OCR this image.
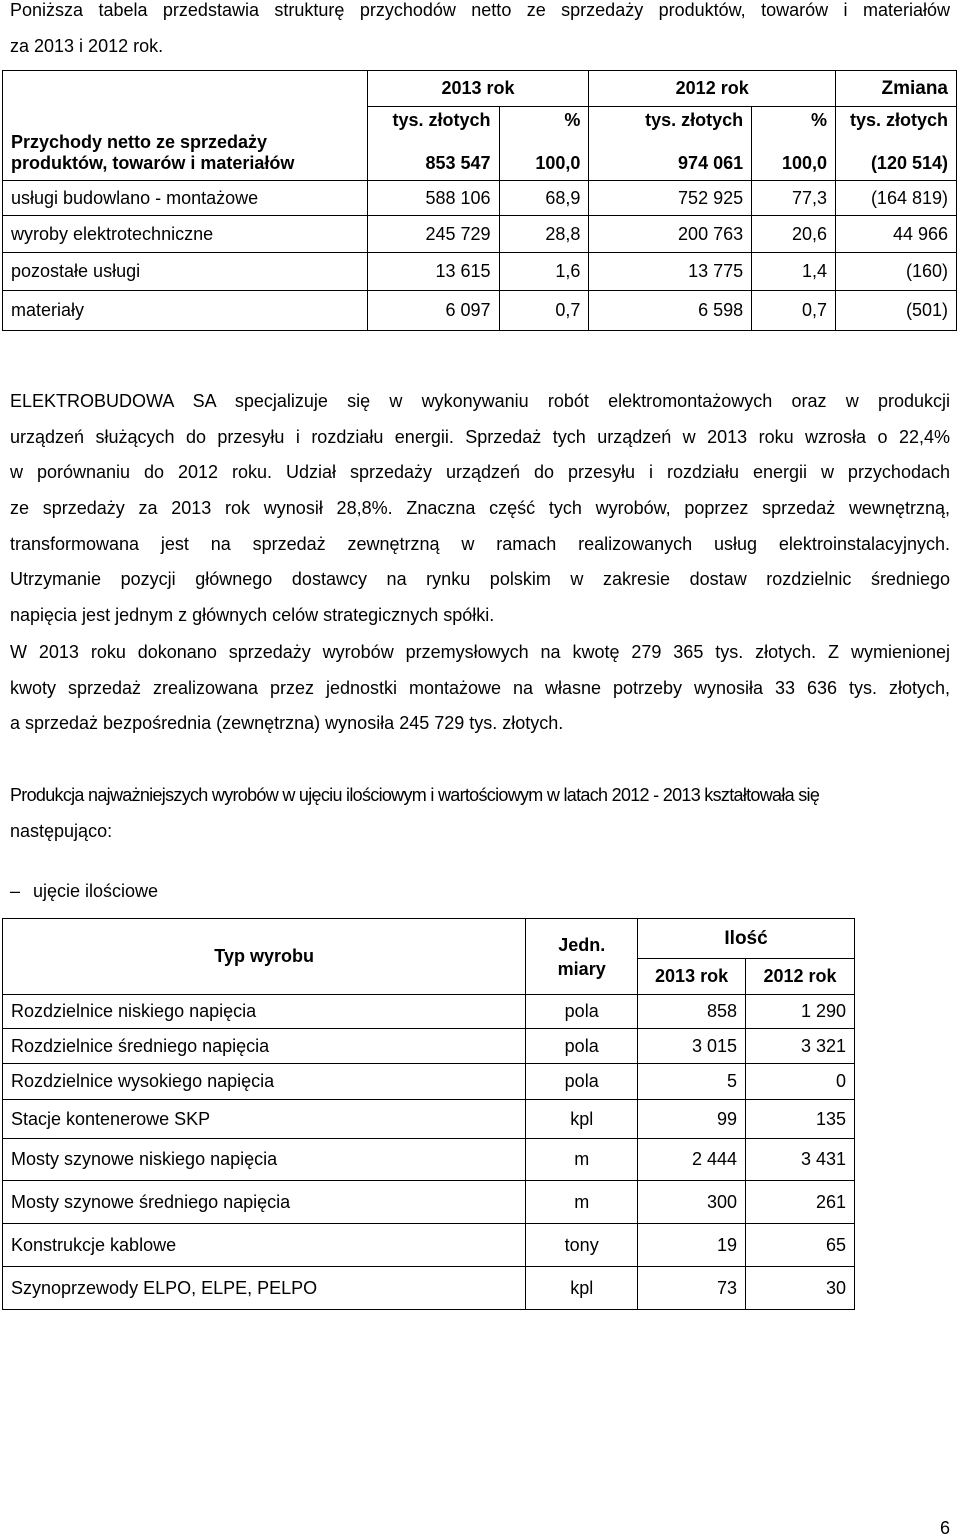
Poniższa tabela przedstawia strukturę przychodów netto ze sprzedaży produktów, towarów i materiałów
za 2013 i 2012 rok.
Przychody netto ze sprzedaży
produktów, towarów i materiałów	2013 rok		2012 rok		Zmiana
	tys. złotych	%	tys. złotych	%	tys. złotych
	853 547	100,0	974 061	100,0	(120 514)
usługi budowlano - montażowe	588 106	68,9	752 925	77,3	(164 819)
wyroby elektrotechniczne	245 729	28,8	200 763	20,6	44 966
pozostałe usługi	13 615	1,6	13 775	1,4	(160)
materiały	6 097	0,7	6 598	0,7	(501)
ELEKTROBUDOWA SA specjalizuje się w wykonywaniu robót elektromontażowych oraz w produkcji
urządzeń służących do przesyłu i rozdziału energii. Sprzedaż tych urządzeń w 2013 roku wzrosła o 22,4%
w porównaniu do 2012 roku. Udział sprzedaży urządzeń do przesyłu i rozdziału energii w przychodach
ze sprzedaży za 2013 rok wynosił 28,8%. Znaczna część tych wyrobów, poprzez sprzedaż wewnętrzną,
transformowana jest na sprzedaż zewnętrzną w ramach realizowanych usług elektroinstalacyjnych.
Utrzymanie pozycji głównego dostawcy na rynku polskim w zakresie dostaw rozdzielnic średniego
napięcia jest jednym z głównych celów strategicznych spółki.
W 2013 roku dokonano sprzedaży wyrobów przemysłowych na kwotę 279 365 tys. złotych. Z wymienionej
kwoty sprzedaż zrealizowana przez jednostki montażowe na własne potrzeby wynosiła 33 636 tys. złotych,
a sprzedaż bezpośrednia (zewnętrzna) wynosiła 245 729 tys. złotych.
Produkcja najważniejszych wyrobów w ujęciu ilościowym i wartościowym w latach 2012 - 2013 kształtowała się
następująco:
– ujęcie ilościowe
Typ wyrobu	Jedn.
miary	Ilość	
		2013 rok	2012 rok
Rozdzielnice niskiego napięcia	pola	858	1 290
Rozdzielnice średniego napięcia	pola	3 015	3 321
Rozdzielnice wysokiego napięcia	pola	5	0
Stacje kontenerowe SKP	kpl	99	135
Mosty szynowe niskiego napięcia	m	2 444	3 431
Mosty szynowe średniego napięcia	m	300	261
Konstrukcje kablowe	tony	19	65
Szynoprzewody ELPO, ELPE, PELPO	kpl	73	30
6
